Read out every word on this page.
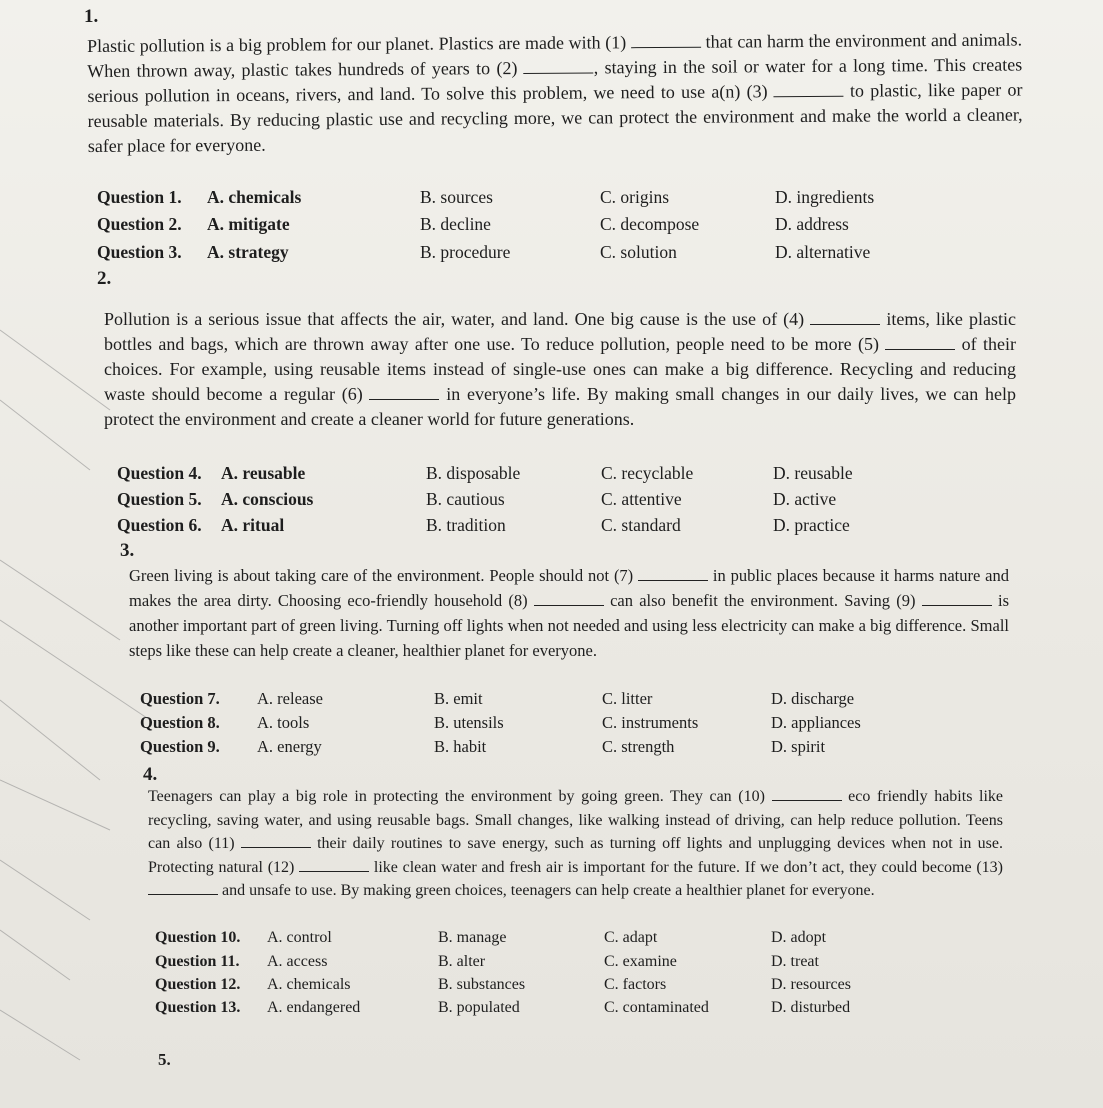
1.

Plastic pollution is a big problem for our planet. Plastics are made with (1)	that can harm the environment and animals. When thrown away, plastic takes hundreds of years to (2)	, staying in the soil or water for a long time. This creates serious pollution in oceans, rivers, and land. To solve this problem, we need to use a(n) (3)	to plastic, like paper or reusable materials. By reducing plastic use and recycling more, we can protect the environment and make the world a cleaner, safer place for everyone.

Question 1. A. chemicals	B. sources	C. origins	D. ingredients
Question 2. A. mitigate	B. decline	C. decompose	D. address
Question 3. A. strategy	B. procedure	C. solution	D. alternative
2.

Pollution is a serious issue that affects the air, water, and land. One big cause is the use of (4)	items, like plastic bottles and bags, which are thrown away after one use. To reduce pollution, people need to be more (5)	of their choices. For example, using reusable items instead of single-use ones can make a big difference. Recycling and reducing waste should become a regular (6)	in everyone’s life. By making small changes in our daily lives, we can help protect the environment and create a cleaner world for future generations.

Question 4. A. reusable	B. disposable	C. recyclable	D. reusable
Question 5. A. conscious	B. cautious	C. attentive	D. active
Question 6. A. ritual	B. tradition	C. standard	D. practice
3.

Green living is about taking care of the environment. People should not (7)	in public places because it harms nature and makes the area dirty. Choosing eco-friendly household (8)	can also benefit the environment. Saving (9)	is another important part of green living. Turning off lights when not needed and using less electricity can make a big difference. Small steps like these can help create a cleaner, healthier planet for everyone.

Question 7. A. release	B. emit	C. litter	D. discharge
Question 8. A. tools	B. utensils	C. instruments	D. appliances
Question 9. A. energy	B. habit	C. strength	D. spirit
4.

Teenagers can play a big role in protecting the environment by going green. They can (10)	eco friendly habits like recycling, saving water, and using reusable bags. Small changes, like walking instead of driving, can help reduce pollution. Teens can also (11)	their daily routines to save energy, such as turning off lights and unplugging devices when not in use. Protecting natural (12)	like clean water and fresh air is important for the future. If we don’t act, they could become (13)  and unsafe to use. By making green choices, teenagers can help create a healthier planet for everyone.

Question 10. A. control	B. manage	C. adapt	D. adopt
Question 11. A. access	B. alter	C. examine	D. treat
Question 12. A. chemicals	B. substances	C. factors	D. resources
Question 13. A. endangered	B. populated	C. contaminated	D. disturbed
5.
